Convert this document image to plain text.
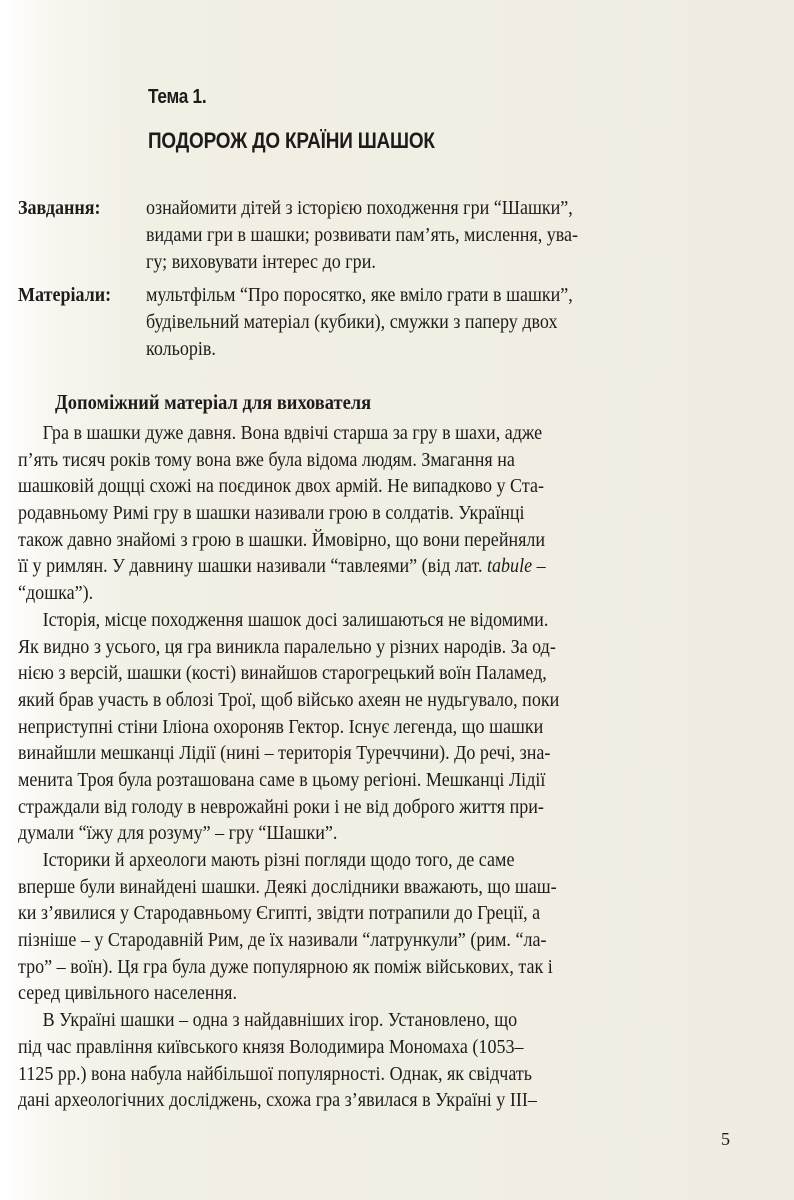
Тема 1.
ПОДОРОЖ ДО КРАЇНИ ШАШОК
Завдання: ознайомити дітей з історією походження гри “Шашки”,
видами гри в шашки; розвивати пам’ять, мислення, ува-
гу; виховувати інтерес до гри.
Матеріали: мультфільм “Про поросятко, яке вміло грати в шашки”,
будівельний матеріал (кубики), смужки з паперу двох
кольорів.
Допоміжний матеріал для вихователя
Гра в шашки дуже давня. Вона вдвічі старша за гру в шахи, адже
п’ять тисяч років тому вона вже була відома людям. Змагання на
шашковій дощці схожі на поєдинок двох армій. Не випадково у Ста-
родавньому Римі гру в шашки називали грою в солдатів. Українці
також давно знайомі з грою в шашки. Ймовірно, що вони перейняли
її у римлян. У давнину шашки називали “тавлеями” (від лат. tabule –
“дошка”).
Історія, місце походження шашок досі залишаються не відомими.
Як видно з усього, ця гра виникла паралельно у різних народів. За од-
нією з версій, шашки (кості) винайшов старогрецький воїн Паламед,
який брав участь в облозі Трої, щоб військо ахеян не нудьгувало, поки
неприступні стіни Іліона охороняв Гектор. Існує легенда, що шашки
винайшли мешканці Лідії (нині – територія Туреччини). До речі, зна-
менита Троя була розташована саме в цьому регіоні. Мешканці Лідії
страждали від голоду в неврожайні роки і не від доброго життя при-
думали “їжу для розуму” – гру “Шашки”.
Історики й археологи мають різні погляди щодо того, де саме
вперше були винайдені шашки. Деякі дослідники вважають, що шаш-
ки з’явилися у Стародавньому Єгипті, звідти потрапили до Греції, а
пізніше – у Стародавній Рим, де їх називали “латрункули” (рим. “ла-
тро” – воїн). Ця гра була дуже популярною як поміж військових, так і
серед цивільного населення.
В Україні шашки – одна з найдавніших ігор. Установлено, що
під час правління київського князя Володимира Мономаха (1053–
1125 рр.) вона набула найбільшої популярності. Однак, як свідчать
дані археологічних досліджень, схожа гра з’явилася в Україні у ІІІ–
5
